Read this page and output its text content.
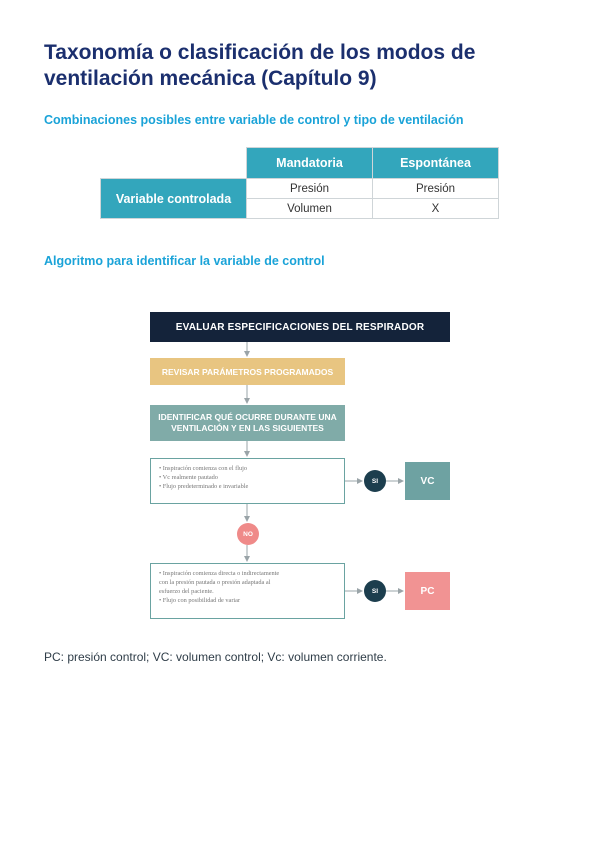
Taxonomía o clasificación de los modos de ventilación mecánica (Capítulo 9)
Combinaciones posibles entre variable de control y tipo de ventilación
	Mandatoria	Espontánea
Variable controlada	Presión	Presión
	Volumen	X
Algoritmo para identificar la variable de control
EVALUAR ESPECIFICACIONES DEL RESPIRADOR
REVISAR PARÁMETROS PROGRAMADOS
IDENTIFICAR QUÉ OCURRE DURANTE UNA VENTILACIÓN Y EN LAS SIGUIENTES
• Inspiración comienza con el flujo
• Vc realmente pautado
• Flujo predeterminado e invariable
• Inspiración comienza directa o indirectamente
con la presión pautada o presión adaptada al
esfuerzo del paciente.
• Flujo con posibilidad de variar
SI
SI
NO
VC
PC
PC: presión control; VC: volumen control; Vc: volumen corriente.
